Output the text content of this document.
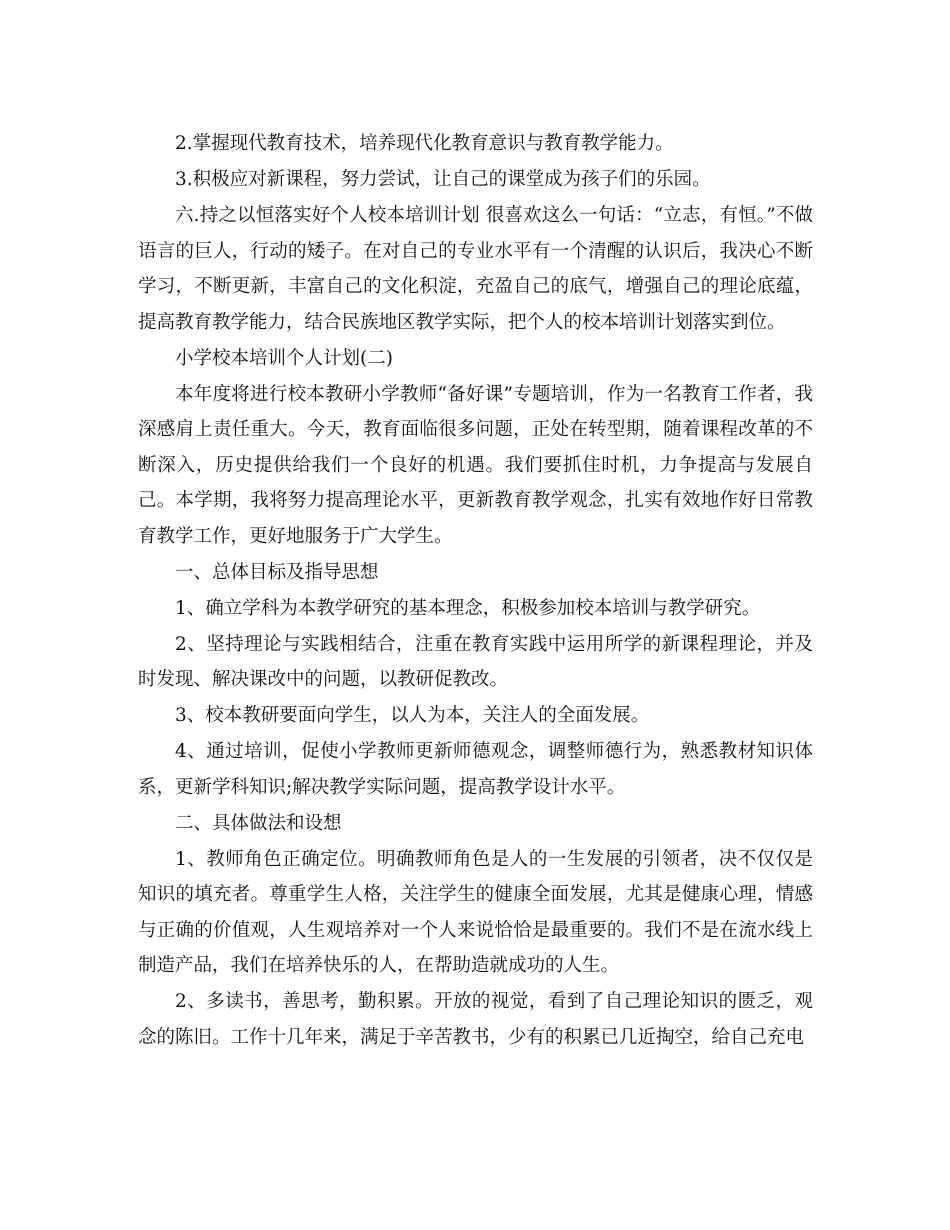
2.掌握现代教育技术，培养现代化教育意识与教育教学能力。

3.积极应对新课程，努力尝试，让自己的课堂成为孩子们的乐园。

六.持之以恒落实好个人校本培训计划 很喜欢这么一句话：“立志，有恒。”不做语言的巨人，行动的矮子。在对自己的专业水平有一个清醒的认识后，我决心不断学习，不断更新，丰富自己的文化积淀，充盈自己的底气，增强自己的理论底蕴，提高教育教学能力，结合民族地区教学实际，把个人的校本培训计划落实到位。

小学校本培训个人计划(二)

本年度将进行校本教研小学教师“备好课”专题培训，作为一名教育工作者，我深感肩上责任重大。今天，教育面临很多问题，正处在转型期，随着课程改革的不断深入，历史提供给我们一个良好的机遇。我们要抓住时机，力争提高与发展自己。本学期，我将努力提高理论水平，更新教育教学观念，扎实有效地作好日常教育教学工作，更好地服务于广大学生。

一、总体目标及指导思想

1、确立学科为本教学研究的基本理念，积极参加校本培训与教学研究。

2、坚持理论与实践相结合，注重在教育实践中运用所学的新课程理论，并及时发现、解决课改中的问题，以教研促教改。

3、校本教研要面向学生，以人为本，关注人的全面发展。

4、通过培训，促使小学教师更新师德观念，调整师德行为，熟悉教材知识体系，更新学科知识;解决教学实际问题，提高教学设计水平。

二、具体做法和设想

1、教师角色正确定位。明确教师角色是人的一生发展的引领者，决不仅仅是知识的填充者。尊重学生人格，关注学生的健康全面发展，尤其是健康心理，情感与正确的价值观，人生观培养对一个人来说恰恰是最重要的。我们不是在流水线上制造产品，我们在培养快乐的人，在帮助造就成功的人生。

2、多读书，善思考，勤积累。开放的视觉，看到了自己理论知识的匮乏，观念的陈旧。工作十几年来，满足于辛苦教书，少有的积累已几近掏空，给自己充电
